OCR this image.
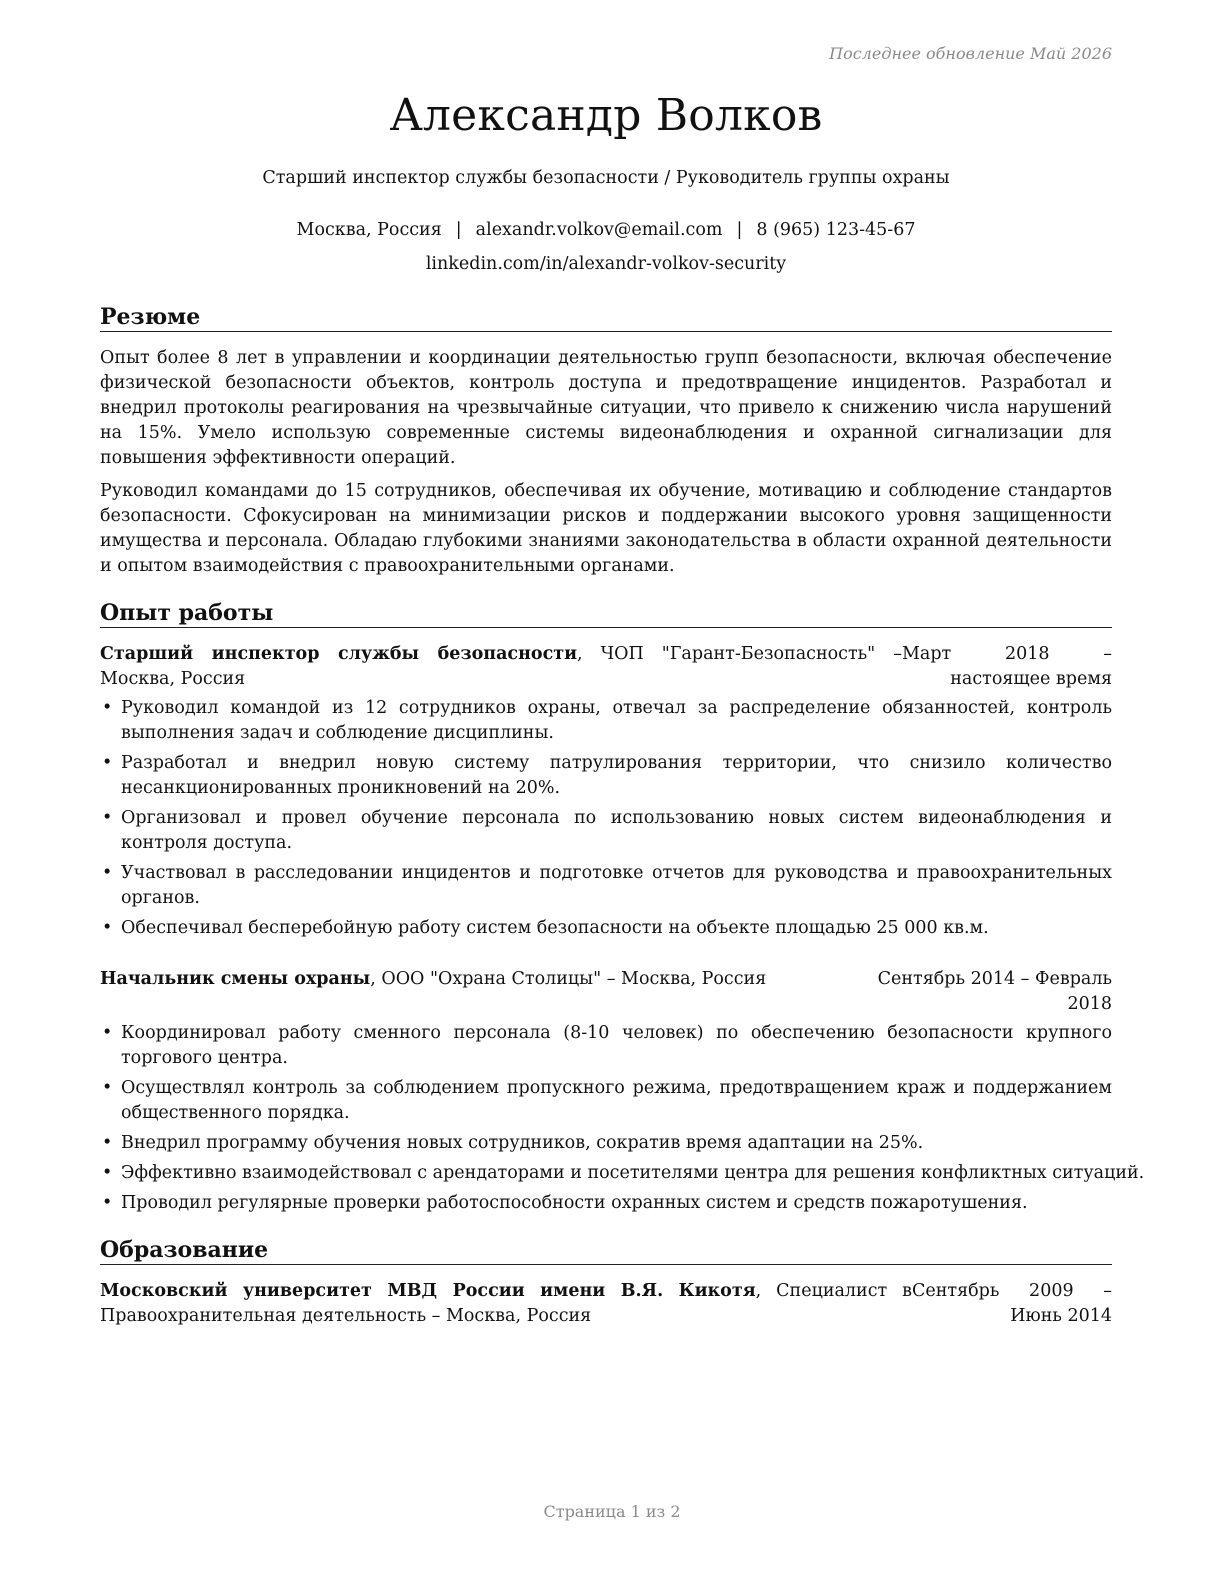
Последнее обновление Май 2026
Александр Волков
Старший инспектор службы безопасности / Руководитель группы охраны
Москва, Россия | alexandr.volkov@email.com | 8 (965) 123-45-67
linkedin.com/in/alexandr-volkov-security
Резюме

Опыт более 8 лет в управлении и координации деятельностью групп безопасности, включая обеспечение физической безопасности объектов, контроль доступа и предотвращение инцидентов. Разработал и внедрил протоколы реагирования на чрезвычайные ситуации, что привело к снижению числа нарушений на 15%. Умело использую современные системы видеонаблюдения и охранной сигнализации для повышения эффективности операций.

Руководил командами до 15 сотрудников, обеспечивая их обучение, мотивацию и соблюдение стандартов безопасности. Сфокусирован на минимизации рисков и поддержании высокого уровня защищенности имущества и персонала. Обладаю глубокими знаниями законодательства в области охранной деятельности и опытом взаимодействия с правоохранительными органами.

Опыт работы
Старший инспектор службы безопасности, ЧОП "Гарант-Безопасность" – Москва, Россия
Март 2018 – настоящее время
• Руководил командой из 12 сотрудников охраны, отвечал за распределение обязанностей, контроль выполнения задач и соблюдение дисциплины.
• Разработал и внедрил новую систему патрулирования территории, что снизило количество несанкционированных проникновений на 20%.
• Организовал и провел обучение персонала по использованию новых систем видеонаблюдения и контроля доступа.
• Участвовал в расследовании инцидентов и подготовке отчетов для руководства и правоохранительных органов.
• Обеспечивал бесперебойную работу систем безопасности на объекте площадью 25 000 кв.м.
Начальник смены охраны, ООО "Охрана Столицы" – Москва, Россия	Сентябрь 2014 – Февраль 2018
• Координировал работу сменного персонала (8-10 человек) по обеспечению безопасности крупного торгового центра.
• Осуществлял контроль за соблюдением пропускного режима, предотвращением краж и поддержанием общественного порядка.
• Внедрил программу обучения новых сотрудников, сократив время адаптации на 25%.
• Эффективно взаимодействовал с арендаторами и посетителями центра для решения конфликтных ситуаций.
• Проводил регулярные проверки работоспособности охранных систем и средств пожаротушения.
Образование
Московский университет МВД России имени В.Я. Кикотя, Специалист в Правоохранительная деятельность – Москва, Россия
Сентябрь 2009 – Июнь 2014
Страница 1 из 2
